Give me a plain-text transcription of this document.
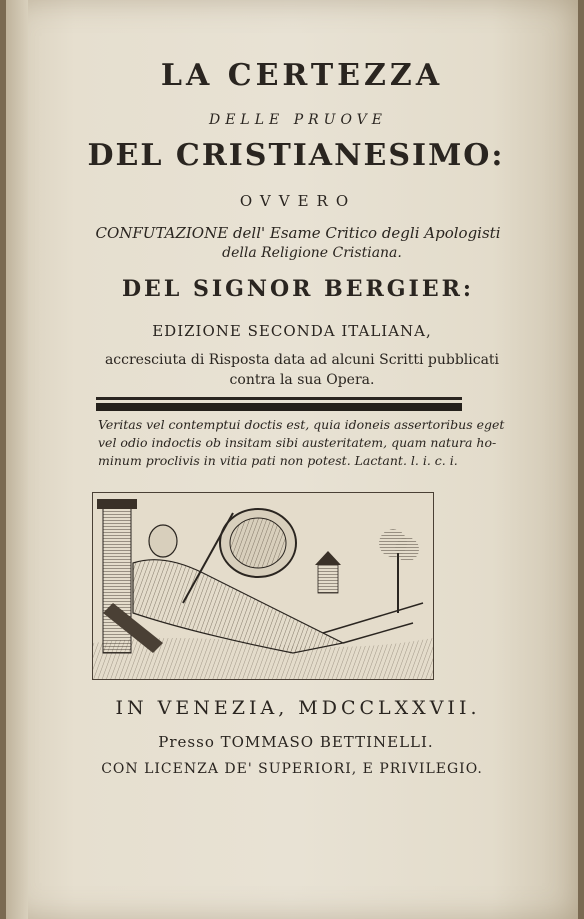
LA CERTEZZA
DELLE PRUOVE
DEL CRISTIANESIMO:
OVVERO
CONFUTAZIONE dell' Esame Critico degli Apologisti
della Religione Cristiana.
DEL SIGNOR BERGIER:
EDIZIONE SECONDA ITALIANA,
accresciuta di Risposta data ad alcuni Scritti pubblicati
contra la sua Opera.
Veritas vel contemptui doctis est, quia idoneis assertoribus eget
vel odio indoctis ob insitam sibi austeritatem, quam natura ho-
minum proclivis in vitia pati non potest. Lactant. l. i. c. i.
IN VENEZIA, MDCCLXXVII.
Presso TOMMASO BETTINELLI.
CON LICENZA DE' SUPERIORI, E PRIVILEGIO.
